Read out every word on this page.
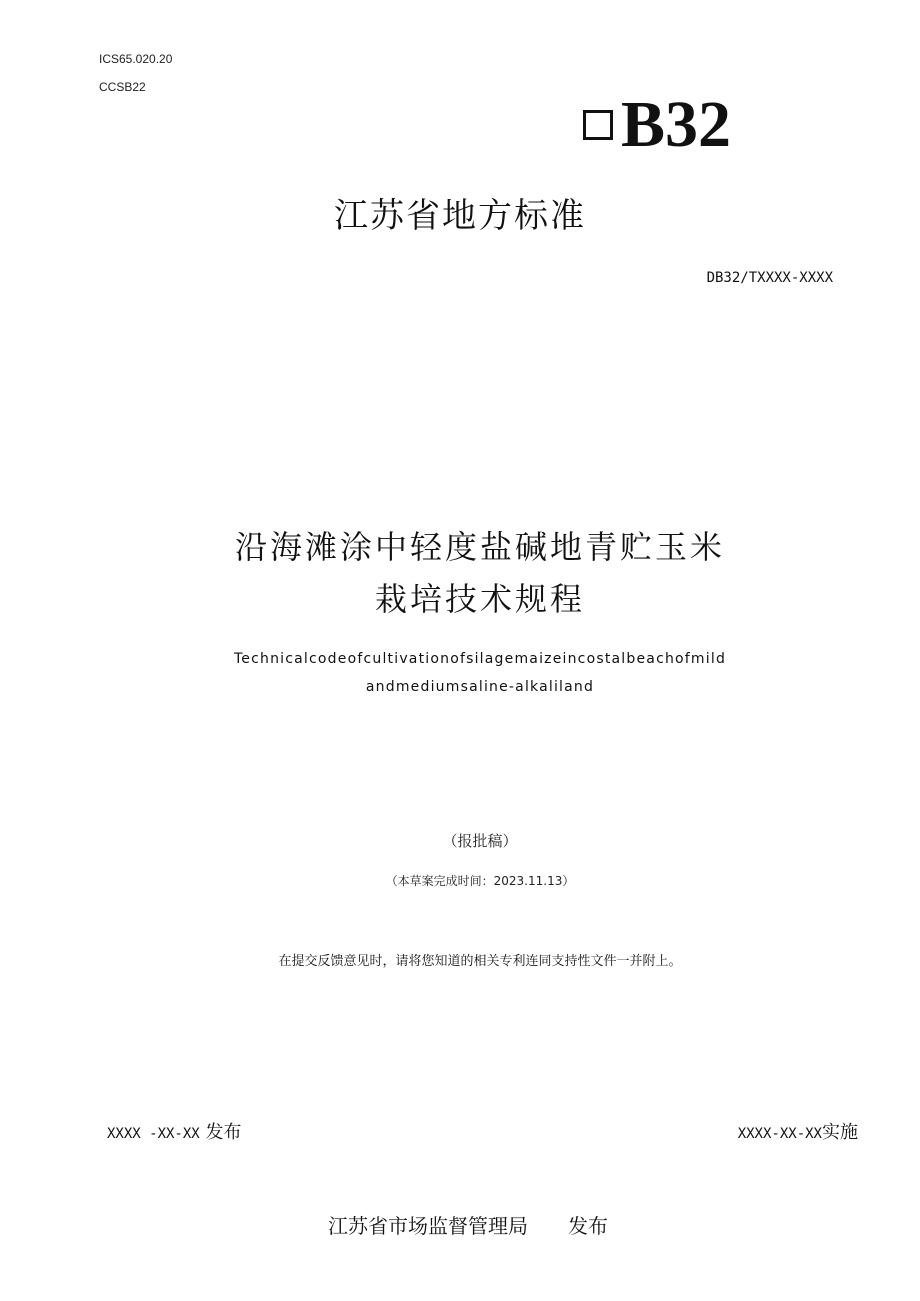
ICS65.020.20
CCSB22
B32
江苏省地方标准
DB32/TXXXX-XXXX
沿海滩涂中轻度盐碱地青贮玉米
栽培技术规程
Technicalcodeofcultivationofsilagemaizeincostalbeachofmild
andmediumsaline-alkaliland
（报批稿）
（本草案完成时间：2023.11.13）
在提交反馈意见时，请将您知道的相关专利连同支持性文件一并附上。
XXXX -XX-XX 发布	XXXX-XX-XX实施
江苏省市场监督管理局 发布
